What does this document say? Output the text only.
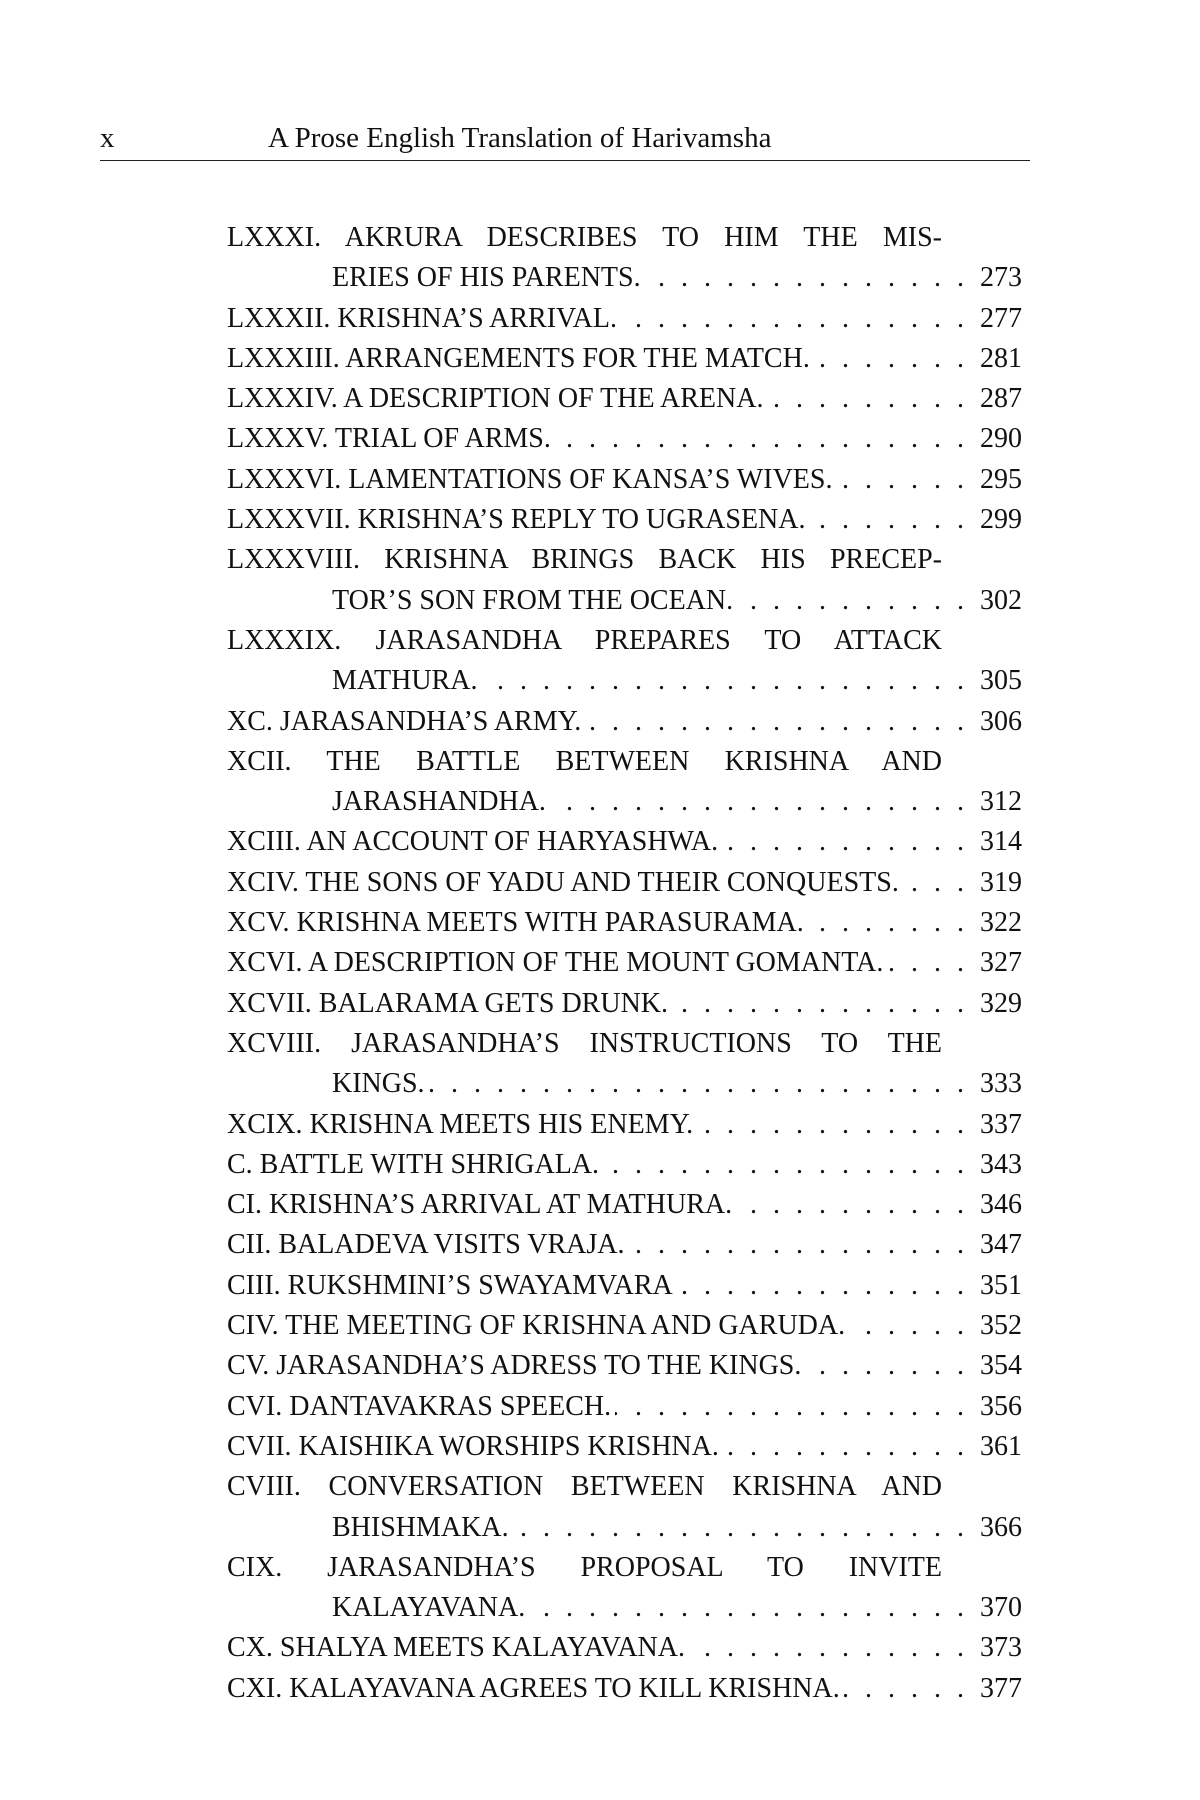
x	A Prose English Translation of Harivamsha
LXXXI. AKRURA DESCRIBES TO HIM THE MIS-
ERIES OF HIS PARENTS. . . .	273
LXXXII. KRISHNA’S ARRIVAL. . . .	277
LXXXIII. ARRANGEMENTS FOR THE MATCH. . . .	281
LXXXIV. A DESCRIPTION OF THE ARENA. . . .	287
LXXXV. TRIAL OF ARMS. . . .	290
LXXXVI. LAMENTATIONS OF KANSA’S WIVES. . . .	295
LXXXVII. KRISHNA’S REPLY TO UGRASENA. . . .	299
LXXXVIII. KRISHNA BRINGS BACK HIS PRECEP-
TOR’S SON FROM THE OCEAN. . . .	302
LXXXIX. JARASANDHA PREPARES TO ATTACK
MATHURA. . . .	305
XC. JARASANDHA’S ARMY. . . .	306
XCII. THE BATTLE BETWEEN KRISHNA AND
JARASHANDHA. . . .	312
XCIII. AN ACCOUNT OF HARYASHWA. . . .	314
XCIV. THE SONS OF YADU AND THEIR CONQUESTS. . . .	319
XCV. KRISHNA MEETS WITH PARASURAMA. . . .	322
XCVI. A DESCRIPTION OF THE MOUNT GOMANTA. . . .	327
XCVII. BALARAMA GETS DRUNK. . . .	329
XCVIII. JARASANDHA’S INSTRUCTIONS TO THE
KINGS. . . .	333
XCIX. KRISHNA MEETS HIS ENEMY. . . .	337
C. BATTLE WITH SHRIGALA. . . .	343
CI. KRISHNA’S ARRIVAL AT MATHURA. . . .	346
CII. BALADEVA VISITS VRAJA. . . .	347
CIII. RUKSHMINI’S SWAYAMVARA . . .	351
CIV. THE MEETING OF KRISHNA AND GARUDA. . . .	352
CV. JARASANDHA’S ADRESS TO THE KINGS. . . .	354
CVI. DANTAVAKRAS SPEECH. . . .	356
CVII. KAISHIKA WORSHIPS KRISHNA. . . .	361
CVIII. CONVERSATION BETWEEN KRISHNA AND
BHISHMAKA. . . .	366
CIX. JARASANDHA’S PROPOSAL TO INVITE
KALAYAVANA. . . .	370
CX. SHALYA MEETS KALAYAVANA. . . .	373
CXI. KALAYAVANA AGREES TO KILL KRISHNA. . . .	377
